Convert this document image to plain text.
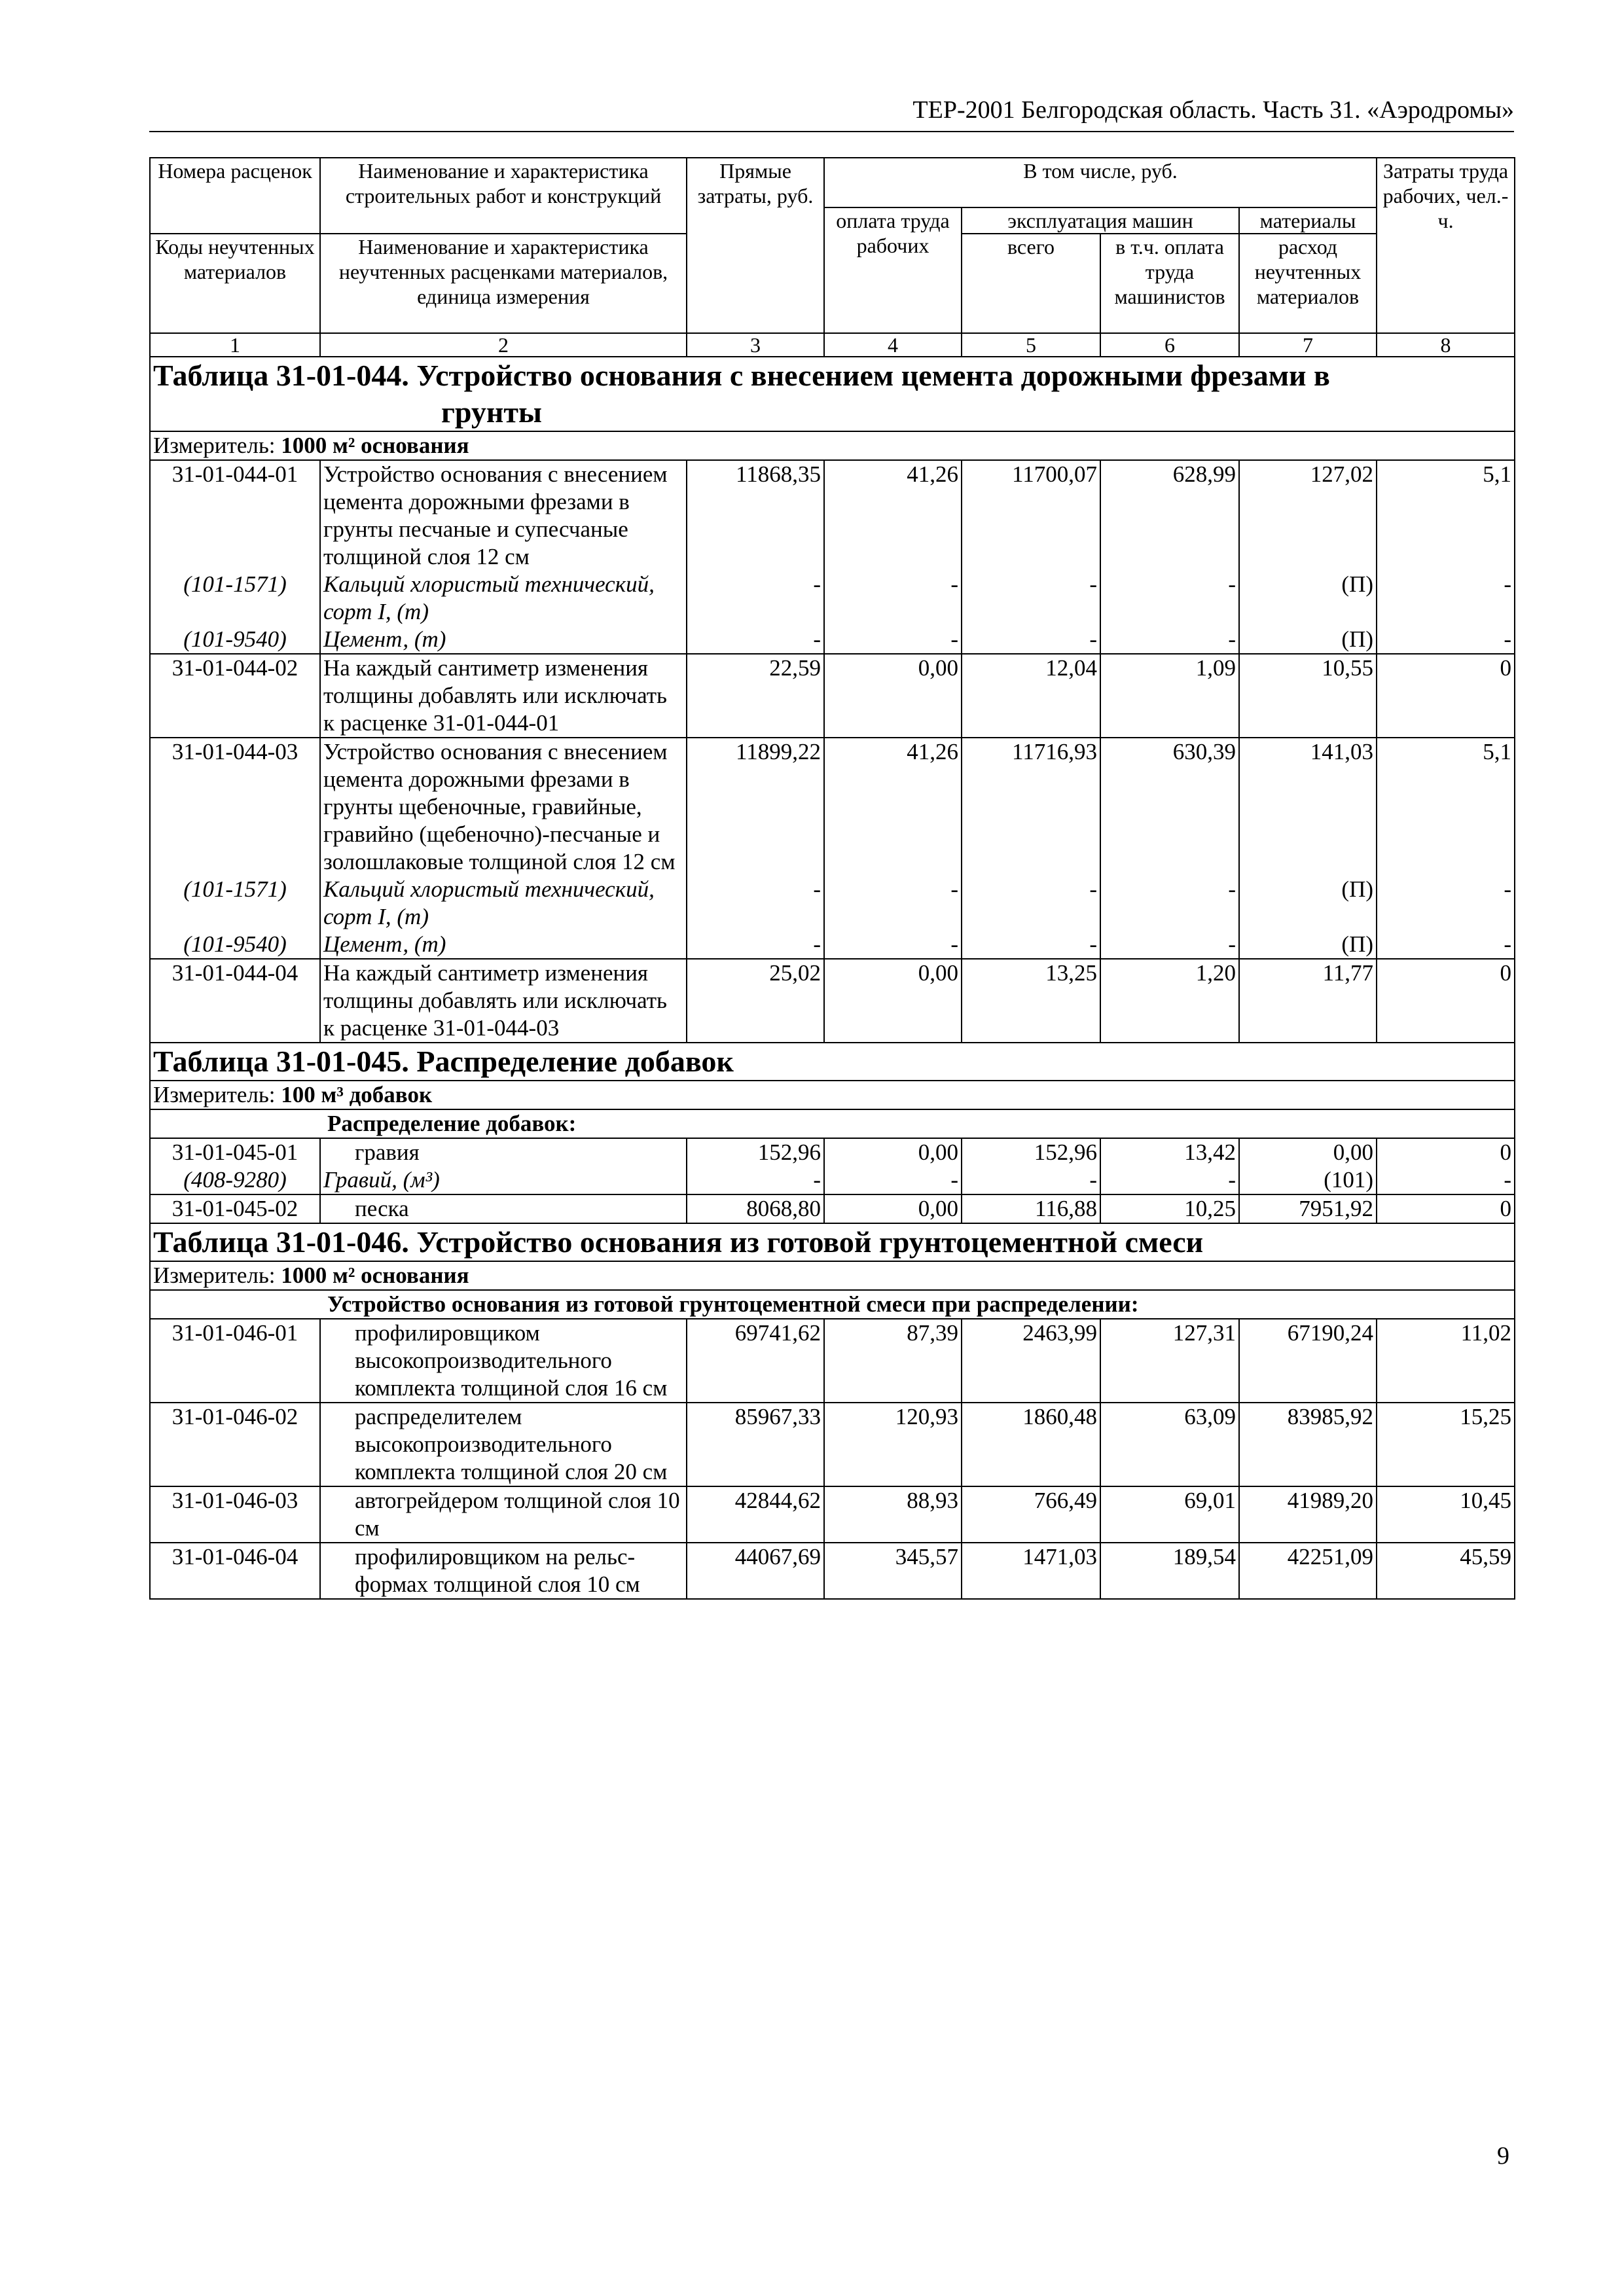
ТЕР-2001 Белгородская область. Часть 31. «Аэродромы»
Номера расценок	Наименование и характеристика строительных работ и конструкций	Прямые затраты, руб.	В том числе, руб.				Затраты труда рабочих, чел.-ч.
			оплата труда рабочих	эксплуатация машин		материалы	
Коды неучтенных материалов	Наименование и характеристика неучтенных расценками материалов, единица измерения			всего	в т.ч. оплата труда машинистов	расход неучтенных материалов	

1	2	3	4	5	6	7	8
Таблица 31-01-044. Устройство основания с внесением цемента дорожными фрезами в
грунты							

Измеритель: 1000 м² основания							
31-01-044-01	Устройство основания с внесением цемента дорожными фрезами в грунты песчаные и супесчаные толщиной слоя 12 см	11868,35	41,26	11700,07	628,99	127,02	5,1
(101-1571)	Кальций хлористый технический, сорт I, (т)	-	-	-	-	(П)	-
(101-9540)	Цемент, (т)	-	-	-	-	(П)	-
31-01-044-02	На каждый сантиметр изменения толщины добавлять или исключать к расценке 31-01-044-01	22,59	0,00	12,04	1,09	10,55	0
31-01-044-03	Устройство основания с внесением цемента дорожными фрезами в грунты щебеночные, гравийные, гравийно (щебеночно)-песчаные и золошлаковые толщиной слоя 12 см	11899,22	41,26	11716,93	630,39	141,03	5,1
(101-1571)	Кальций хлористый технический, сорт I, (т)	-	-	-	-	(П)	-
(101-9540)	Цемент, (т)	-	-	-	-	(П)	-
31-01-044-04	На каждый сантиметр изменения толщины добавлять или исключать к расценке 31-01-044-03	25,02	0,00	13,25	1,20	11,77	0
Таблица 31-01-045. Распределение добавок							
Измеритель: 100 м³ добавок							
Распределение добавок:							
31-01-045-01	гравия	152,96	0,00	152,96	13,42	0,00	0
(408-9280)	Гравий, (м³)	-	-	-	-	(101)	-
31-01-045-02	песка	8068,80	0,00	116,88	10,25	7951,92	0
Таблица 31-01-046. Устройство основания из готовой грунтоцементной смеси							
Измеритель: 1000 м² основания							
Устройство основания из готовой грунтоцементной смеси при распределении:							
31-01-046-01	профилировщиком высокопроизводительного комплекта толщиной слоя 16 см	69741,62	87,39	2463,99	127,31	67190,24	11,02
31-01-046-02	распределителем высокопроизводительного комплекта толщиной слоя 20 см	85967,33	120,93	1860,48	63,09	83985,92	15,25
31-01-046-03	автогрейдером толщиной слоя 10 см	42844,62	88,93	766,49	69,01	41989,20	10,45
31-01-046-04	профилировщиком на рельс-формах толщиной слоя 10 см	44067,69	345,57	1471,03	189,54	42251,09	45,59
9
